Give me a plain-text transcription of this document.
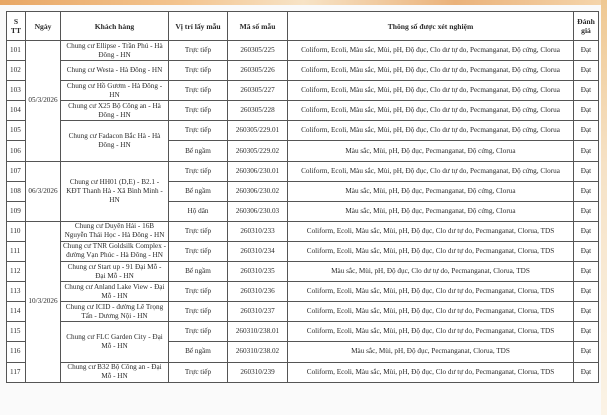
S
TT	Ngày	Khách hàng	Vị trí lấy mẫu	Mã số mẫu	Thông số được xét nghiệm	Đánh giá
101	05/3/2026	Chung cư Ellipse - Trần Phú - Hà Đông - HN	Trực tiếp	260305/225	Coliform, Ecoli, Màu sắc, Mùi, pH, Độ đục, Clo dư tự do, Pecmanganat, Độ cứng, Clorua	Đạt
102		Chung cư Westa - Hà Đông - HN	Trực tiếp	260305/226	Coliform, Ecoli, Màu sắc, Mùi, pH, Độ đục, Clo dư tự do, Pecmanganat, Độ cứng, Clorua	Đạt
103		Chung cư Hồ Gươm - Hà Đông - HN	Trực tiếp	260305/227	Coliform, Ecoli, Màu sắc, Mùi, pH, Độ đục, Clo dư tự do, Pecmanganat, Độ cứng, Clorua	Đạt
104		Chung cư X25 Bộ Công an - Hà Đông - HN	Trực tiếp	260305/228	Coliform, Ecoli, Màu sắc, Mùi, pH, Độ đục, Clo dư tự do, Pecmanganat, Độ cứng, Clorua	Đạt
105		Chung cư Fadacon Bắc Hà - Hà Đông - HN	Trực tiếp	260305/229.01	Coliform, Ecoli, Màu sắc, Mùi, pH, Độ đục, Clo dư tự do, Pecmanganat, Độ cứng, Clorua	Đạt
106			Bể ngầm	260305/229.02	Màu sắc, Mùi, pH, Độ đục, Pecmanganat, Độ cứng, Clorua	Đạt
107	06/3/2026	Chung cư HH01 (D,E) - B2.1 - KĐT Thanh Hà - Xã Bình Minh - HN	Trực tiếp	260306/230.01	Coliform, Ecoli, Màu sắc, Mùi, pH, Độ đục, Clo dư tự do, Pecmanganat, Độ cứng, Clorua	Đạt
108			Bể ngầm	260306/230.02	Màu sắc, Mùi, pH, Độ đục, Pecmanganat, Độ cứng, Clorua	Đạt
109			Hộ dân	260306/230.03	Màu sắc, Mùi, pH, Độ đục, Pecmanganat, Độ cứng, Clorua	Đạt
110	10/3/2026	Chung cư Duyên Hải - 16B Nguyễn Thái Học - Hà Đông - HN	Trực tiếp	260310/233	Coliform, Ecoli, Màu sắc, Mùi, pH, Độ đục, Clo dư tự do, Pecmanganat, Clorua, TDS	Đạt
111		Chung cư TNR Goldsilk Complex - đường Vạn Phúc - Hà Đông - HN	Trực tiếp	260310/234	Coliform, Ecoli, Màu sắc, Mùi, pH, Độ đục, Clo dư tự do, Pecmanganat, Clorua, TDS	Đạt
112		Chung cư Start up - 91 Đại Mỗ - Đại Mỗ - HN	Bể ngầm	260310/235	Màu sắc, Mùi, pH, Độ đục, Clo dư tự do, Pecmanganat, Clorua, TDS	Đạt
113		Chung cư Anland Lake View - Đại Mỗ - HN	Trực tiếp	260310/236	Coliform, Ecoli, Màu sắc, Mùi, pH, Độ đục, Clo dư tự do, Pecmanganat, Clorua, TDS	Đạt
114		Chung cư ICID - đường Lê Trọng Tấn - Dương Nội - HN	Trực tiếp	260310/237	Coliform, Ecoli, Màu sắc, Mùi, pH, Độ đục, Clo dư tự do, Pecmanganat, Clorua, TDS	Đạt
115		Chung cư FLC Garden City - Đại Mỗ - HN	Trực tiếp	260310/238.01	Coliform, Ecoli, Màu sắc, Mùi, pH, Độ đục, Clo dư tự do, Pecmanganat, Clorua, TDS	Đạt
116			Bể ngầm	260310/238.02	Màu sắc, Mùi, pH, Độ đục, Pecmanganat, Clorua, TDS	Đạt
117		Chung cư B32 Bộ Công an - Đại Mỗ - HN	Trực tiếp	260310/239	Coliform, Ecoli, Màu sắc, Mùi, pH, Độ đục, Clo dư tự do, Pecmanganat, Clorua, TDS	Đạt
